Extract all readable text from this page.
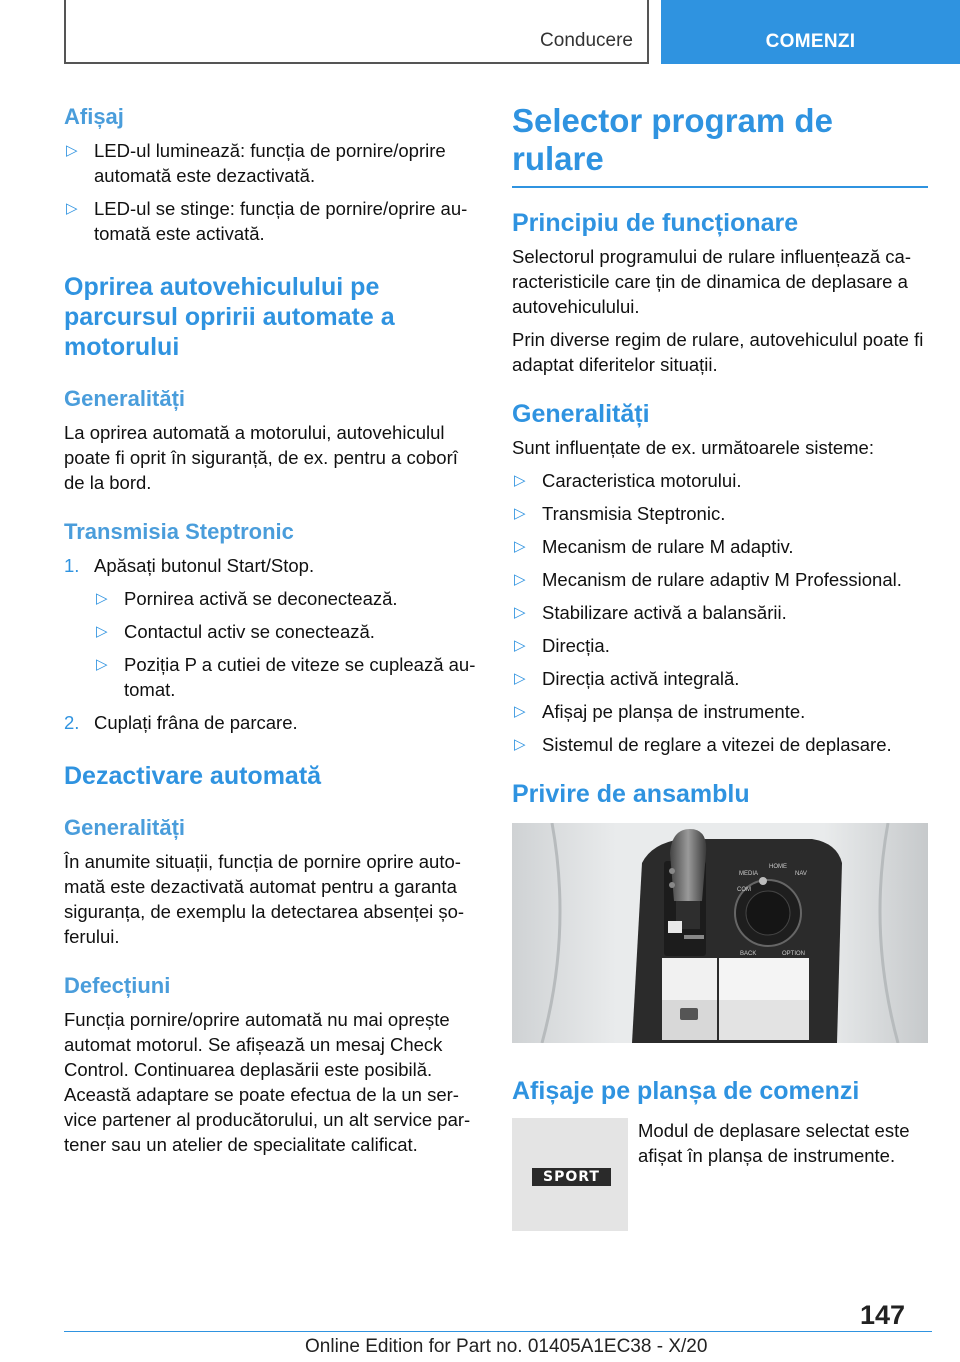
Conducere	COMENZI
Afișaj
▷ LED-ul luminează: funcția de pornire/oprire automată este dezactivată.
▷ LED-ul se stinge: funcția de pornire/oprire automată este activată.
Oprirea autovehiculului pe parcursul opririi automate a motorului
Generalități

La oprirea automată a motorului, autovehiculul poate fi oprit în siguranță, de ex. pentru a coborî de la bord.

Transmisia Steptronic
1. Apăsați butonul Start/Stop.
▷ Pornirea activă se deconectează.
▷ Contactul activ se conectează.
▷ Poziția P a cutiei de viteze se cuplează automat.
2. Cuplați frâna de parcare.
Dezactivare automată
Generalități

În anumite situații, funcția de pornire oprire automată este dezactivată automat pentru a garanta siguranța, de exemplu la detectarea absenței șoferului.

Defecțiuni

Funcția pornire/oprire automată nu mai oprește automat motorul. Se afișează un mesaj Check Control. Continuarea deplasării este posibilă. Această adaptare se poate efectua de la un service partener al producătorului, un alt service partener sau un atelier de specialitate calificat.

Selector program de rulare
Principiu de funcționare

Selectorul programului de rulare influențează caracteristicile care țin de dinamica de deplasare a autovehiculului.

Prin diverse regim de rulare, autovehiculul poate fi adaptat diferitelor situații.

Generalități

Sunt influențate de ex. următoarele sisteme:

▷ Caracteristica motorului.
▷ Transmisia Steptronic.
▷ Mecanism de rulare M adaptiv.
▷ Mecanism de rulare adaptiv M Professional.
▷ Stabilizare activă a balansării.
▷ Direcția.
▷ Direcția activă integrală.
▷ Afișaj pe planșa de instrumente.
▷ Sistemul de reglare a vitezei de deplasare.
Privire de ansamblu
MEDIA
HOME
NAV
COM
BACK	OPTION
Afișaje pe planșa de comenzi
SPORT
Modul de deplasare selectat este afișat în planșa de instrumente.
147
Online Edition for Part no. 01405A1EC38 - X/20
